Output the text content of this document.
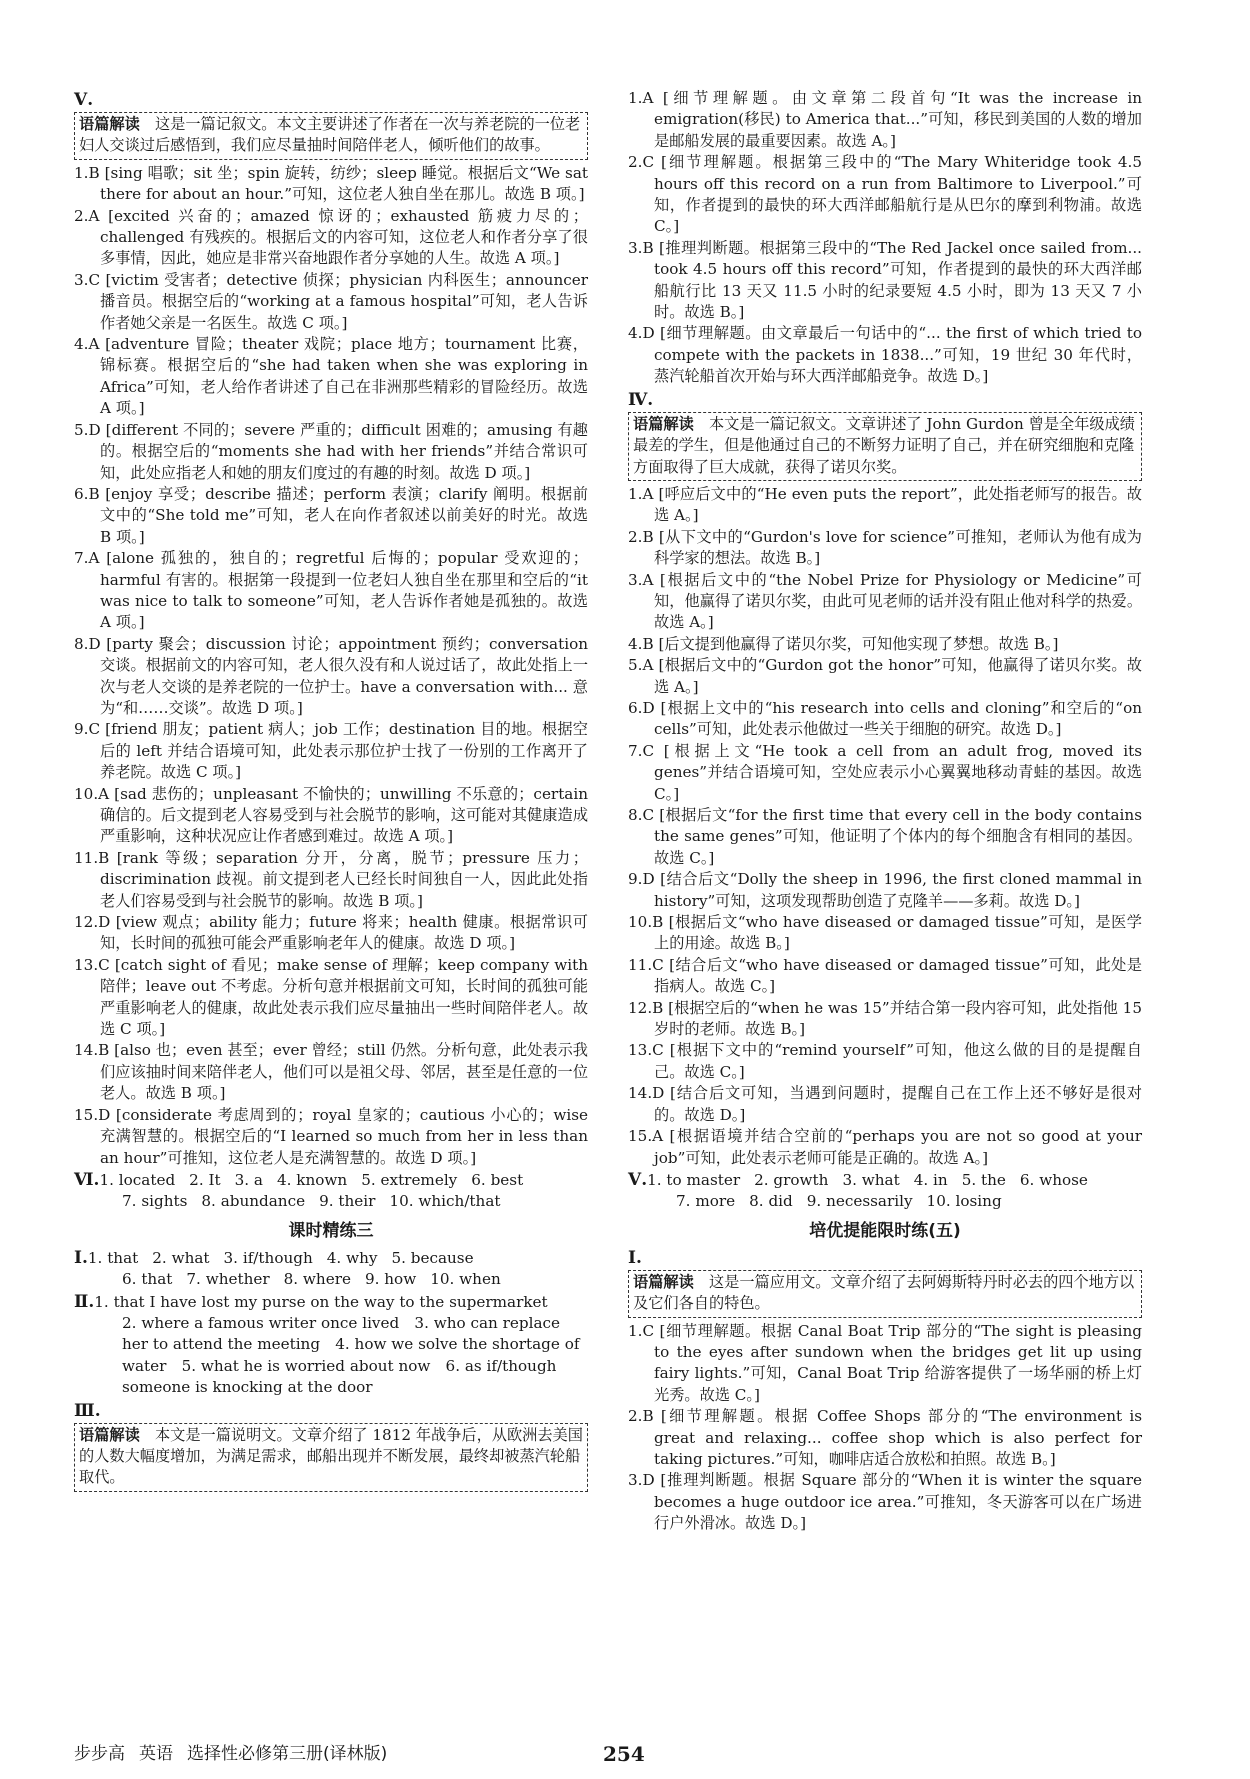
Ⅴ.
语篇解读　 这是一篇记叙文。本文主要讲述了作者在一次与养老院的一位老妇人交谈过后感悟到，我们应尽量抽时间陪伴老人，倾听他们的故事。
1.B [sing 唱歌；sit 坐；spin 旋转，纺纱；sleep 睡觉。根据后文“We sat there for about an hour.”可知，这位老人独自坐在那儿。故选 B 项。]
2.A [excited 兴奋的；amazed 惊讶的；exhausted 筋疲力尽的；challenged 有残疾的。根据后文的内容可知，这位老人和作者分享了很多事情，因此，她应是非常兴奋地跟作者分享她的人生。故选 A 项。]
3.C [victim 受害者；detective 侦探；physician 内科医生；announcer 播音员。根据空后的“working at a famous hospital”可知，老人告诉作者她父亲是一名医生。故选 C 项。]
4.A [adventure 冒险；theater 戏院；place 地方；tournament 比赛，锦标赛。根据空后的“she had taken when she was exploring in Africa”可知，老人给作者讲述了自己在非洲那些精彩的冒险经历。故选 A 项。]
5.D [different 不同的；severe 严重的；difficult 困难的；amusing 有趣的。根据空后的“moments she had with her friends”并结合常识可知，此处应指老人和她的朋友们度过的有趣的时刻。故选 D 项。]
6.B [enjoy 享受；describe 描述；perform 表演；clarify 阐明。根据前文中的“She told me”可知，老人在向作者叙述以前美好的时光。故选 B 项。]
7.A [alone 孤独的，独自的；regretful 后悔的；popular 受欢迎的；harmful 有害的。根据第一段提到一位老妇人独自坐在那里和空后的“it was nice to talk to someone”可知，老人告诉作者她是孤独的。故选 A 项。]
8.D [party 聚会；discussion 讨论；appointment 预约；conversation 交谈。根据前文的内容可知，老人很久没有和人说过话了，故此处指上一次与老人交谈的是养老院的一位护士。have a conversation with... 意为“和……交谈”。故选 D 项。]
9.C [friend 朋友；patient 病人；job 工作；destination 目的地。根据空后的 left 并结合语境可知，此处表示那位护士找了一份别的工作离开了养老院。故选 C 项。]
10.A [sad 悲伤的；unpleasant 不愉快的；unwilling 不乐意的；certain 确信的。后文提到老人容易受到与社会脱节的影响，这可能对其健康造成严重影响，这种状况应让作者感到难过。故选 A 项。]
11.B [rank 等级；separation 分开，分离，脱节；pressure 压力；discrimination 歧视。前文提到老人已经长时间独自一人，因此此处指老人们容易受到与社会脱节的影响。故选 B 项。]
12.D [view 观点；ability 能力；future 将来；health 健康。根据常识可知，长时间的孤独可能会严重影响老年人的健康。故选 D 项。]
13.C [catch sight of 看见；make sense of 理解；keep company with 陪伴；leave out 不考虑。分析句意并根据前文可知，长时间的孤独可能严重影响老人的健康，故此处表示我们应尽量抽出一些时间陪伴老人。故选 C 项。]
14.B [also 也；even 甚至；ever 曾经；still 仍然。分析句意，此处表示我们应该抽时间来陪伴老人，他们可以是祖父母、邻居，甚至是任意的一位老人。故选 B 项。]
15.D [considerate 考虑周到的；royal 皇家的；cautious 小心的；wise 充满智慧的。根据空后的“I learned so much from her in less than an hour”可推知，这位老人是充满智慧的。故选 D 项。]
Ⅵ.1. located 2. It 3. a 4. known 5. extremely 6. best
7. sights 8. abundance 9. their 10. which/that
课时精练三
Ⅰ.1. that 2. what 3. if/though 4. why 5. because
6. that 7. whether 8. where 9. how 10. when
Ⅱ.1. that I have lost my purse on the way to the supermarket
2. where a famous writer once lived　3. who can replace her to attend the meeting　4. how we solve the shortage of water　5. what he is worried about now　6. as if/though someone is knocking at the door
Ⅲ.
语篇解读　 本文是一篇说明文。文章介绍了 1812 年战争后，从欧洲去美国的人数大幅度增加，为满足需求，邮船出现并不断发展，最终却被蒸汽轮船取代。
1.A [细节理解题。由文章第二段首句“It was the increase in emigration(移民) to America that...”可知，移民到美国的人数的增加是邮船发展的最重要因素。故选 A。]
2.C [细节理解题。根据第三段中的“The Mary Whiteridge took 4.5 hours off this record on a run from Baltimore to Liverpool.”可知，作者提到的最快的环大西洋邮船航行是从巴尔的摩到利物浦。故选 C。]
3.B [推理判断题。根据第三段中的“The Red Jackel once sailed from... took 4.5 hours off this record”可知，作者提到的最快的环大西洋邮船航行比 13 天又 11.5 小时的纪录要短 4.5 小时，即为 13 天又 7 小时。故选 B。]
4.D [细节理解题。由文章最后一句话中的“... the first of which tried to compete with the packets in 1838...”可知，19 世纪 30 年代时，蒸汽轮船首次开始与环大西洋邮船竞争。故选 D。]
Ⅳ.
语篇解读　 本文是一篇记叙文。文章讲述了 John Gurdon 曾是全年级成绩最差的学生，但是他通过自己的不断努力证明了自己，并在研究细胞和克隆方面取得了巨大成就，获得了诺贝尔奖。
1.A [呼应后文中的“He even puts the report”，此处指老师写的报告。故选 A。]
2.B [从下文中的“Gurdon's love for science”可推知，老师认为他有成为科学家的想法。故选 B。]
3.A [根据后文中的“the Nobel Prize for Physiology or Medicine”可知，他赢得了诺贝尔奖，由此可见老师的话并没有阻止他对科学的热爱。故选 A。]
4.B [后文提到他赢得了诺贝尔奖，可知他实现了梦想。故选 B。]
5.A [根据后文中的“Gurdon got the honor”可知，他赢得了诺贝尔奖。故选 A。]
6.D [根据上文中的“his research into cells and cloning”和空后的“on cells”可知，此处表示他做过一些关于细胞的研究。故选 D。]
7.C [根据上文“He took a cell from an adult frog, moved its genes”并结合语境可知，空处应表示小心翼翼地移动青蛙的基因。故选 C。]
8.C [根据后文“for the first time that every cell in the body contains the same genes”可知，他证明了个体内的每个细胞含有相同的基因。故选 C。]
9.D [结合后文“Dolly the sheep in 1996, the first cloned mammal in history”可知，这项发现帮助创造了克隆羊——多莉。故选 D。]
10.B [根据后文“who have diseased or damaged tissue”可知，是医学上的用途。故选 B。]
11.C [结合后文“who have diseased or damaged tissue”可知，此处是指病人。故选 C。]
12.B [根据空后的“when he was 15”并结合第一段内容可知，此处指他 15 岁时的老师。故选 B。]
13.C [根据下文中的“remind yourself”可知，他这么做的目的是提醒自己。故选 C。]
14.D [结合后文可知，当遇到问题时，提醒自己在工作上还不够好是很对的。故选 D。]
15.A [根据语境并结合空前的“perhaps you are not so good at your job”可知，此处表示老师可能是正确的。故选 A。]
Ⅴ.1. to master 2. growth 3. what 4. in 5. the 6. whose
7. more 8. did 9. necessarily 10. losing
培优提能限时练(五)
Ⅰ.
语篇解读　 这是一篇应用文。文章介绍了去阿姆斯特丹时必去的四个地方以及它们各自的特色。
1.C [细节理解题。根据 Canal Boat Trip 部分的“The sight is pleasing to the eyes after sundown when the bridges get lit up using fairy lights.”可知，Canal Boat Trip 给游客提供了一场华丽的桥上灯光秀。故选 C。]
2.B [细节理解题。根据 Coffee Shops 部分的“The environment is great and relaxing... coffee shop which is also perfect for taking pictures.”可知，咖啡店适合放松和拍照。故选 B。]
3.D [推理判断题。根据 Square 部分的“When it is winter the square becomes a huge outdoor ice area.”可推知，冬天游客可以在广场进行户外滑冰。故选 D。]
步步高 英语 选择性必修第三册(译林版)	254
